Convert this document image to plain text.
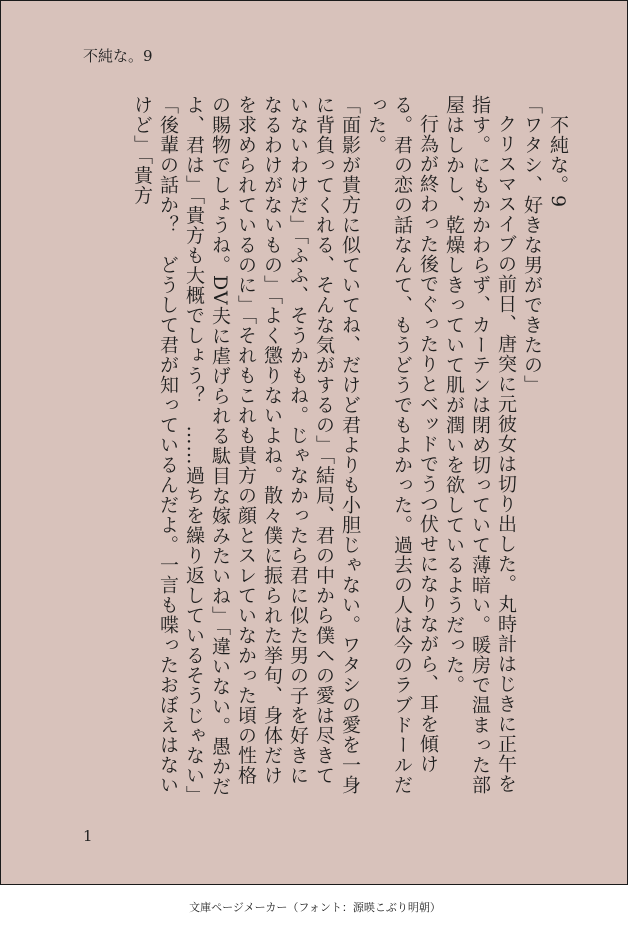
不純な。9

不純な。9

「ワタシ、好きな男ができたの」

クリスマスイブの前日、唐突に元彼女は切り出した。丸時計はじきに正午を指す。にもかかわらず、カーテンは閉め切っていて薄暗い。暖房で温まった部屋はしかし、乾燥しきっていて肌が潤いを欲しているようだった。

行為が終わった後でぐったりとベッドでうつ伏せになりながら、耳を傾ける。君の恋の話なんて、もうどうでもよかった。過去の人は今のラブドールだった。

「面影が貴方に似ていてね、だけど君よりも小胆じゃない。ワタシの愛を一身に背負ってくれる、そんな気がするの」「結局、君の中から僕への愛は尽きていないわけだ」「ふふ、そうかもね。じゃなかったら君に似た男の子を好きになるわけがないもの」「よく懲りないよね。散々僕に振られた挙句、身体だけを求められているのに」「それもこれも貴方の顔とスレていなかった頃の性格の賜物でしょうね。DV夫に虐げられる駄目な嫁みたいね」「違いない。愚かだよ、君は」「貴方も大概でしょう？　……過ちを繰り返しているそうじゃない」「後輩の話か？　どうして君が知っているんだよ。一言も喋ったおぼえはないけど」「貴方

1
文庫ページメーカー（フォント：源暎こぶり明朝）
